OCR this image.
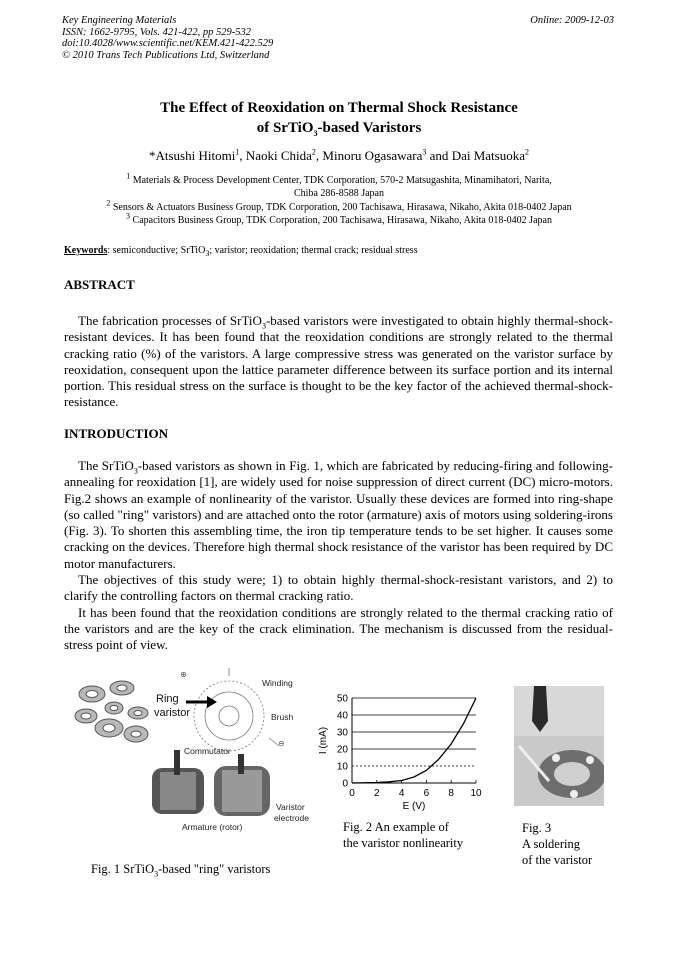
Key Engineering Materials
ISSN: 1662-9795, Vols. 421-422, pp 529-532
doi:10.4028/www.scientific.net/KEM.421-422.529
© 2010 Trans Tech Publications Ltd, Switzerland
Online: 2009-12-03
The Effect of Reoxidation on Thermal Shock Resistance
of SrTiO$_3$-based Varistors
*Atsushi Hitomi$^1$, Naoki Chida$^2$, Minoru Ogasawara$^3$ and Dai Matsuoka$^2$
$^1$ Materials & Process Development Center, TDK Corporation, 570-2 Matsugashita, Minamihatori, Narita,
Chiba 286-8588 Japan
$^2$ Sensors & Actuators Business Group, TDK Corporation, 200 Tachisawa, Hirasawa, Nikaho, Akita 018-0402 Japan
$^3$ Capacitors Business Group, TDK Corporation, 200 Tachisawa, Hirasawa, Nikaho, Akita 018-0402 Japan
Keywords: semiconductive; SrTiO$_3$; varistor; reoxidation; thermal crack; residual stress
ABSTRACT

The fabrication processes of SrTiO$_3$-based varistors were investigated to obtain highly thermal-shock-resistant devices. It has been found that the reoxidation conditions are strongly related to the thermal cracking ratio (%) of the varistors. A large compressive stress was generated on the varistor surface by reoxidation, consequent upon the lattice parameter difference between its surface portion and its internal portion. This residual stress on the surface is thought to be the key factor of the achieved thermal-shock-resistance.

INTRODUCTION

The SrTiO$_3$-based varistors as shown in Fig. 1, which are fabricated by reducing-firing and following-annealing for reoxidation [1], are widely used for noise suppression of direct current (DC) micro-motors. Fig.2 shows an example of nonlinearity of the varistor. Usually these devices are formed into ring-shape (so called "ring" varistors) and are attached onto the rotor (armature) axis of motors using soldering-irons (Fig. 3). To shorten this assembling time, the iron tip temperature tends to be set higher. It causes some cracking on the devices. Therefore high thermal shock resistance of the varistor has been required by DC motor manufacturers.

The objectives of this study were; 1) to obtain highly thermal-shock-resistant varistors, and 2) to clarify the controlling factors on thermal cracking ratio.

It has been found that the reoxidation conditions are strongly related to the thermal cracking ratio of the varistors and are the key of the crack elimination. The mechanism is discussed from the residual-stress point of view.

⊕
⊖
Winding
Brush
Ring
varistor
Commutator
Varistor
electrode
Armature (rotor)
Fig. 1 SrTiO$_3$-based "ring" varistors
0
10
20
30
40
50
0 2 4 6 8 10
I (mA)
E (V)
Fig. 2 An example of
the varistor nonlinearity
Fig. 3
A soldering
of the varistor
